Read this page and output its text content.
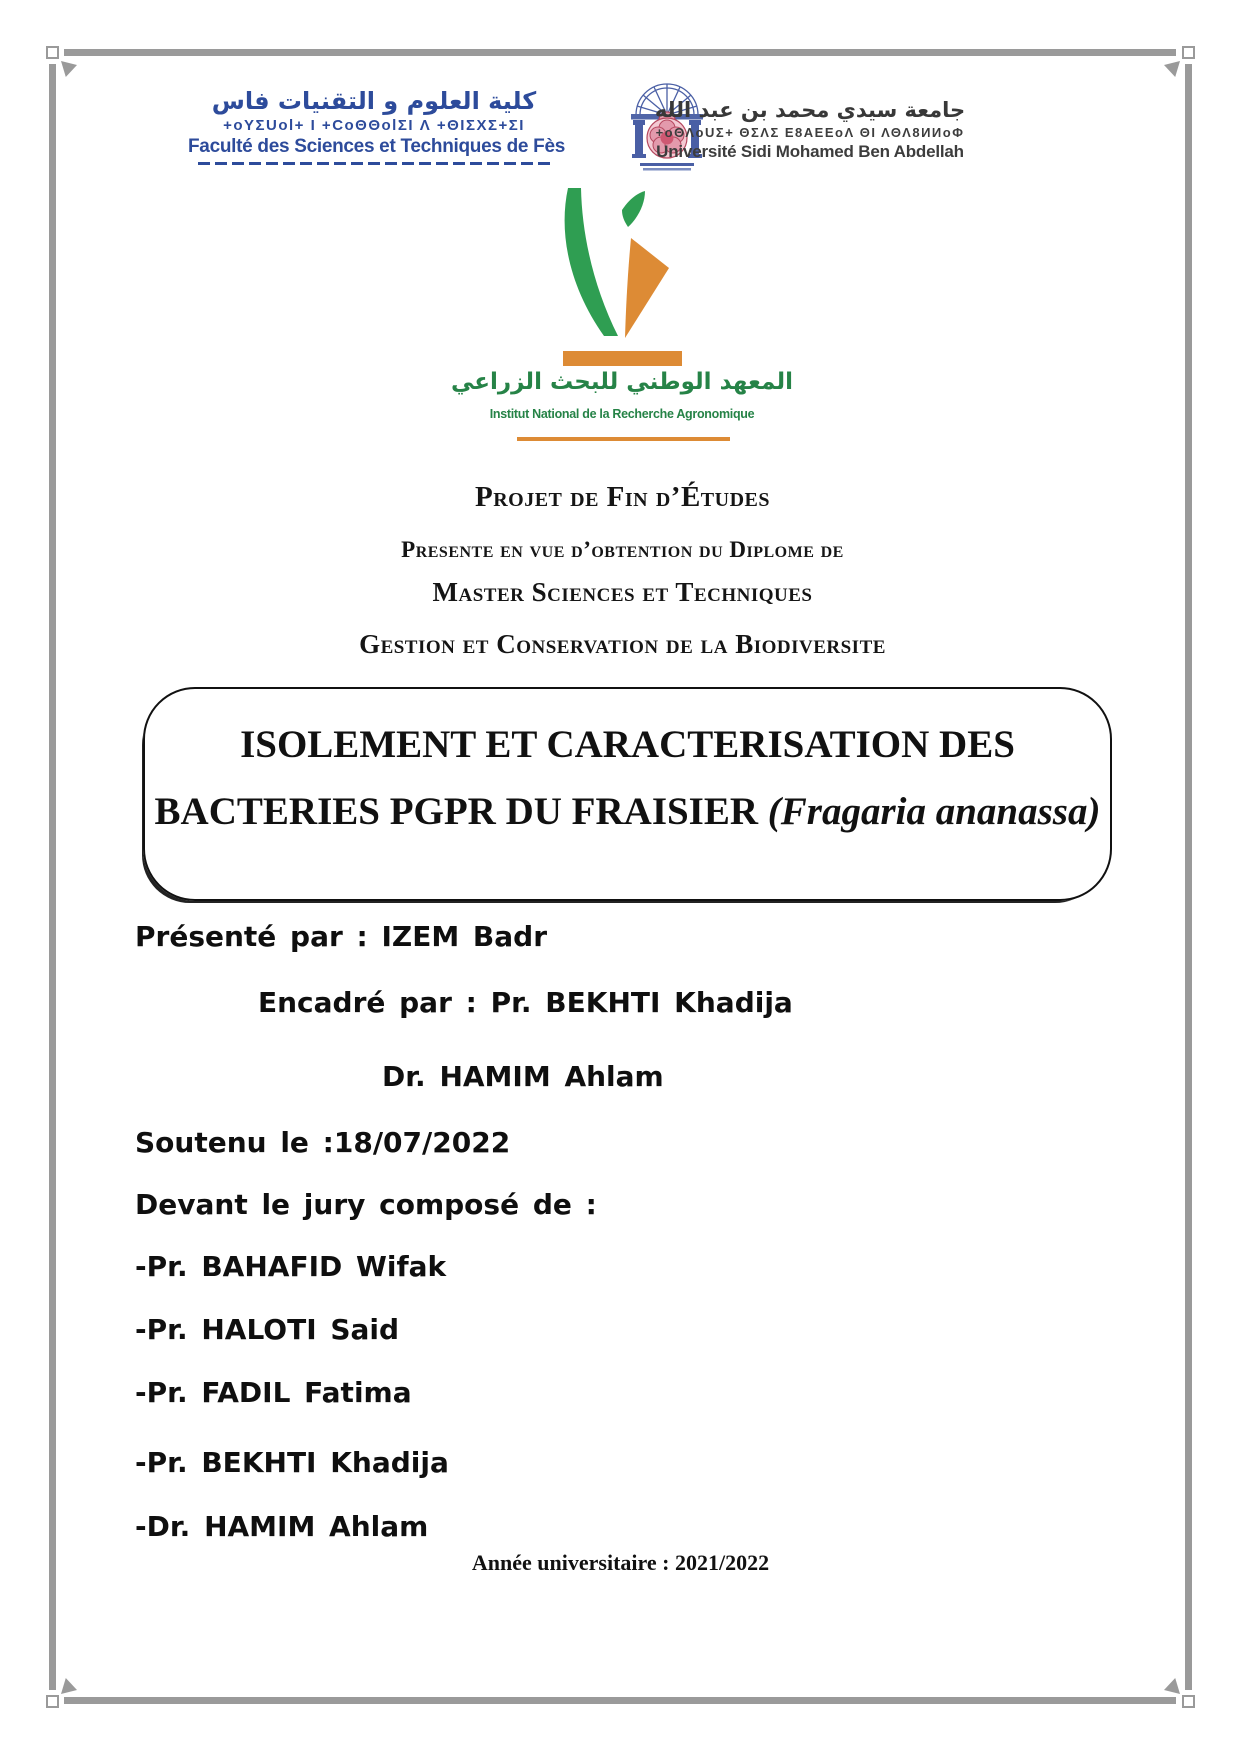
كلية العلوم و التقنيات فاس
+oYΣUol+ I +CoΘΘolΣI Λ +ΘIΣXΣ+ΣI
Faculté des Sciences et Techniques de Fès
جامعة سيدي محمد بن عبد الله
+oΘΛoUΣ+ ΘΣΛΣ Ε8ΑΕΕοΛ ΘΙ ΛΘΛ8ИИоΦ
Université Sidi Mohamed Ben Abdellah
المعهد الوطني للبحث الزراعي
Institut National de la Recherche Agronomique
Projet de Fin d’Études
Presente en vue d’obtention du Diplome de
Master Sciences et Techniques
Gestion et Conservation de la Biodiversite
ISOLEMENT ET CARACTERISATION DES
BACTERIES PGPR DU FRAISIER (Fragaria ananassa)
Présenté par : IZEM Badr
Encadré par : Pr. BEKHTI Khadija
Dr. HAMIM Ahlam
Soutenu le :18/07/2022
Devant le jury composé de :
-Pr. BAHAFID Wifak
-Pr. HALOTI Said
-Pr. FADIL Fatima
-Pr. BEKHTI Khadija
-Dr. HAMIM Ahlam
Année universitaire : 2021/2022
